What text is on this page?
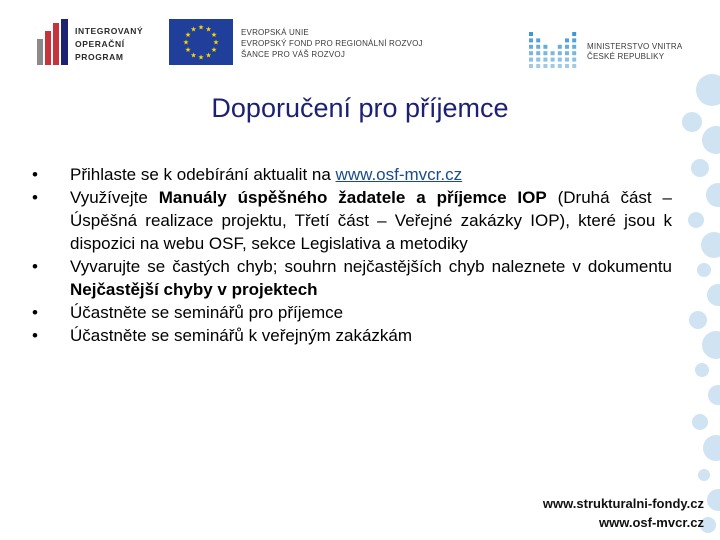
INTEGROVANÝ
OPERAČNÍ
PROGRAM
★ ★
★
★
★
★
★
★
★
★
★
★	EVROPSKÁ UNIE
EVROPSKÝ FOND PRO REGIONÁLNÍ ROZVOJ
ŠANCE PRO VÁŠ ROZVOJ
MINISTERSTVO VNITRA
ČESKÉ REPUBLIKY
Doporučení pro příjemce
• Přihlaste se k odebírání aktualit na www.osf-mvcr.cz
• Využívejte Manuály úspěšného žadatele a příjemce IOP (Druhá část – Úspěšná realizace projektu, Třetí část – Veřejné zakázky IOP), které jsou k dispozici na webu OSF, sekce Legislativa a metodiky
• Vyvarujte se častých chyb; souhrn nejčastějších chyb naleznete v dokumentu Nejčastější chyby v projektech
• Účastněte se seminářů pro příjemce
• Účastněte se seminářů k veřejným zakázkám
www.strukturalni-fondy.cz
www.osf-mvcr.cz
